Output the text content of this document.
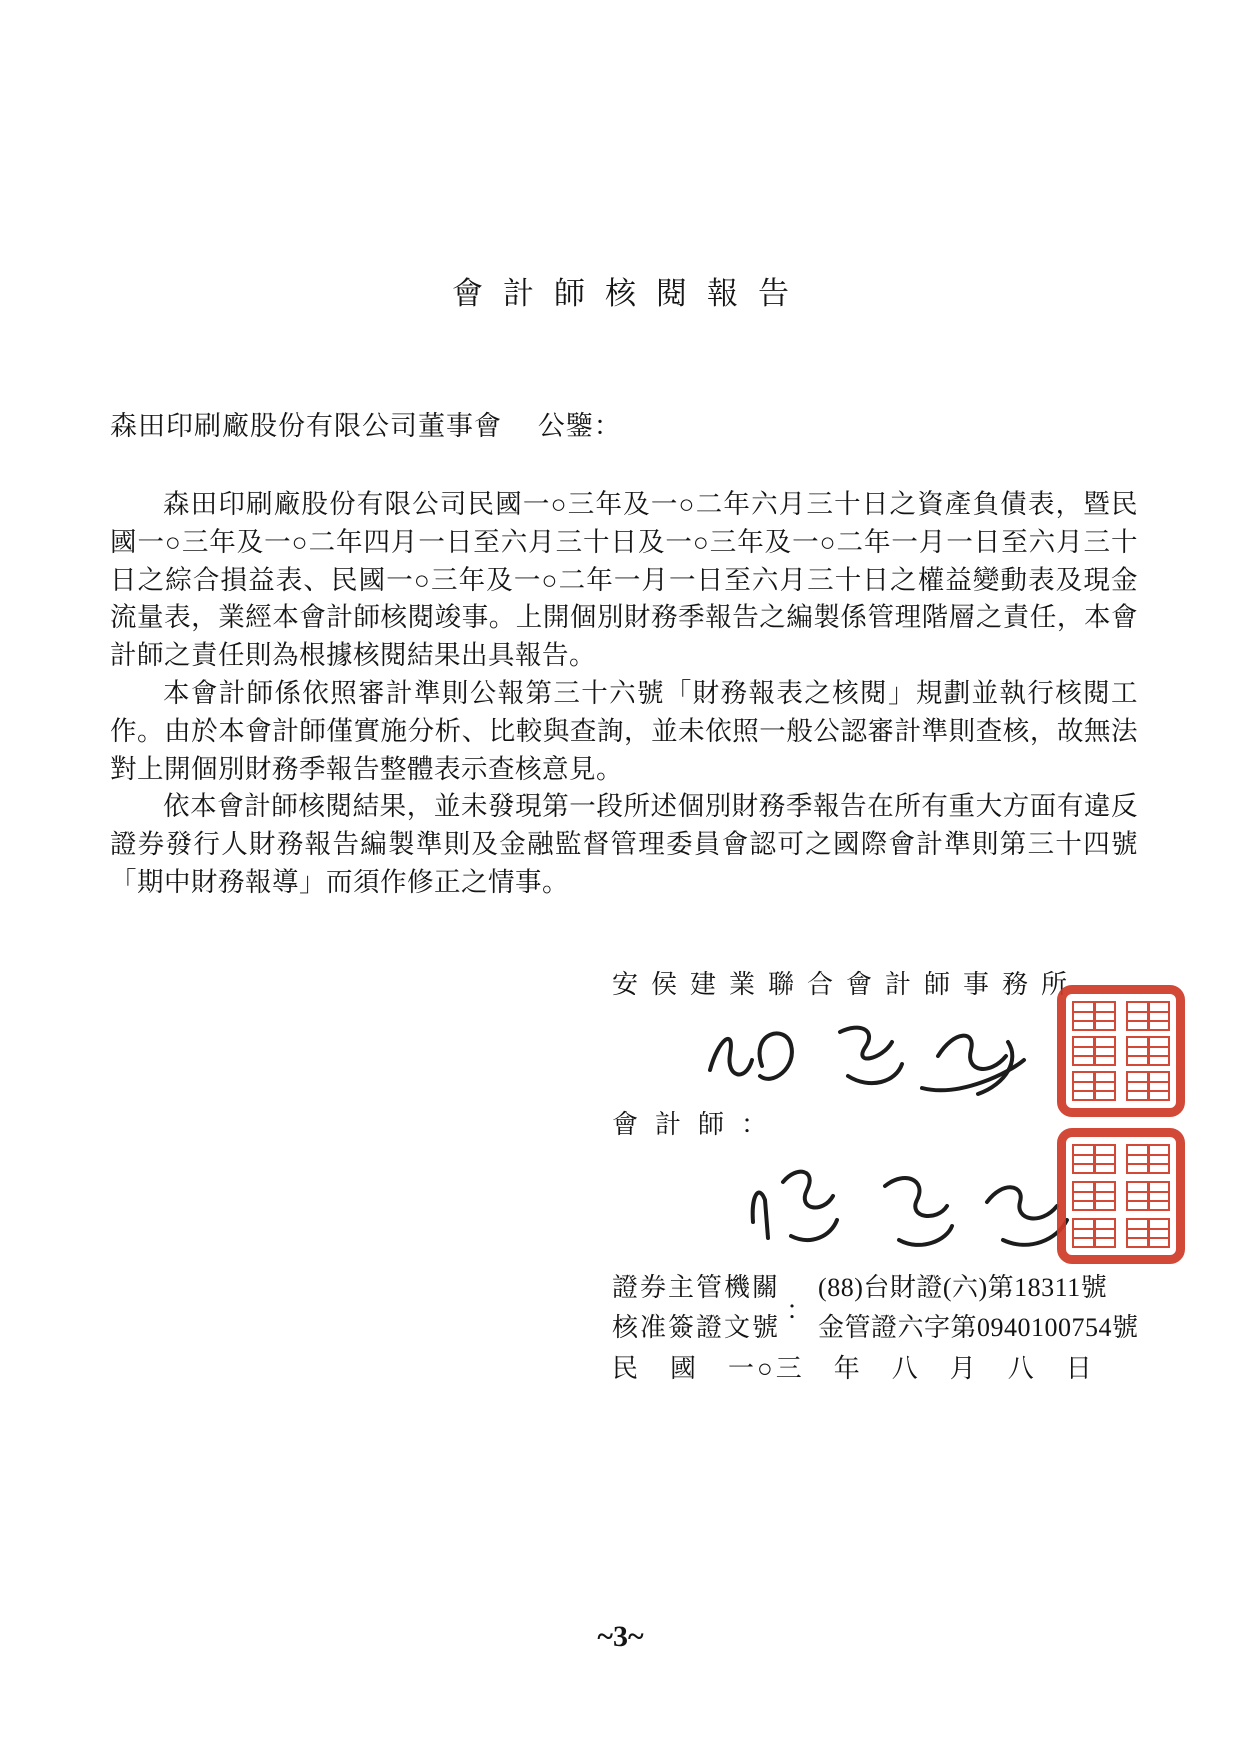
會計師核閱報告
森田印刷廠股份有限公司董事會　 公鑒：

森田印刷廠股份有限公司民國一○三年及一○二年六月三十日之資產負債表，暨民國一○三年及一○二年四月一日至六月三十日及一○三年及一○二年一月一日至六月三十日之綜合損益表、民國一○三年及一○二年一月一日至六月三十日之權益變動表及現金流量表，業經本會計師核閱竣事。上開個別財務季報告之編製係管理階層之責任，本會計師之責任則為根據核閱結果出具報告。

本會計師係依照審計準則公報第三十六號「財務報表之核閱」規劃並執行核閱工作。由於本會計師僅實施分析、比較與查詢，並未依照一般公認審計準則查核，故無法對上開個別財務季報告整體表示查核意見。

依本會計師核閱結果，並未發現第一段所述個別財務季報告在所有重大方面有違反證券發行人財務報告編製準則及金融監督管理委員會認可之國際會計準則第三十四號「期中財務報導」而須作修正之情事。

安侯建業聯合會計師事務所
會計師：
證券主管機關
核准簽證文號
：
(88)台財證(六)第18311號
金管證六字第0940100754號
民　國　一○三　年　八　月　八　日
~3~
